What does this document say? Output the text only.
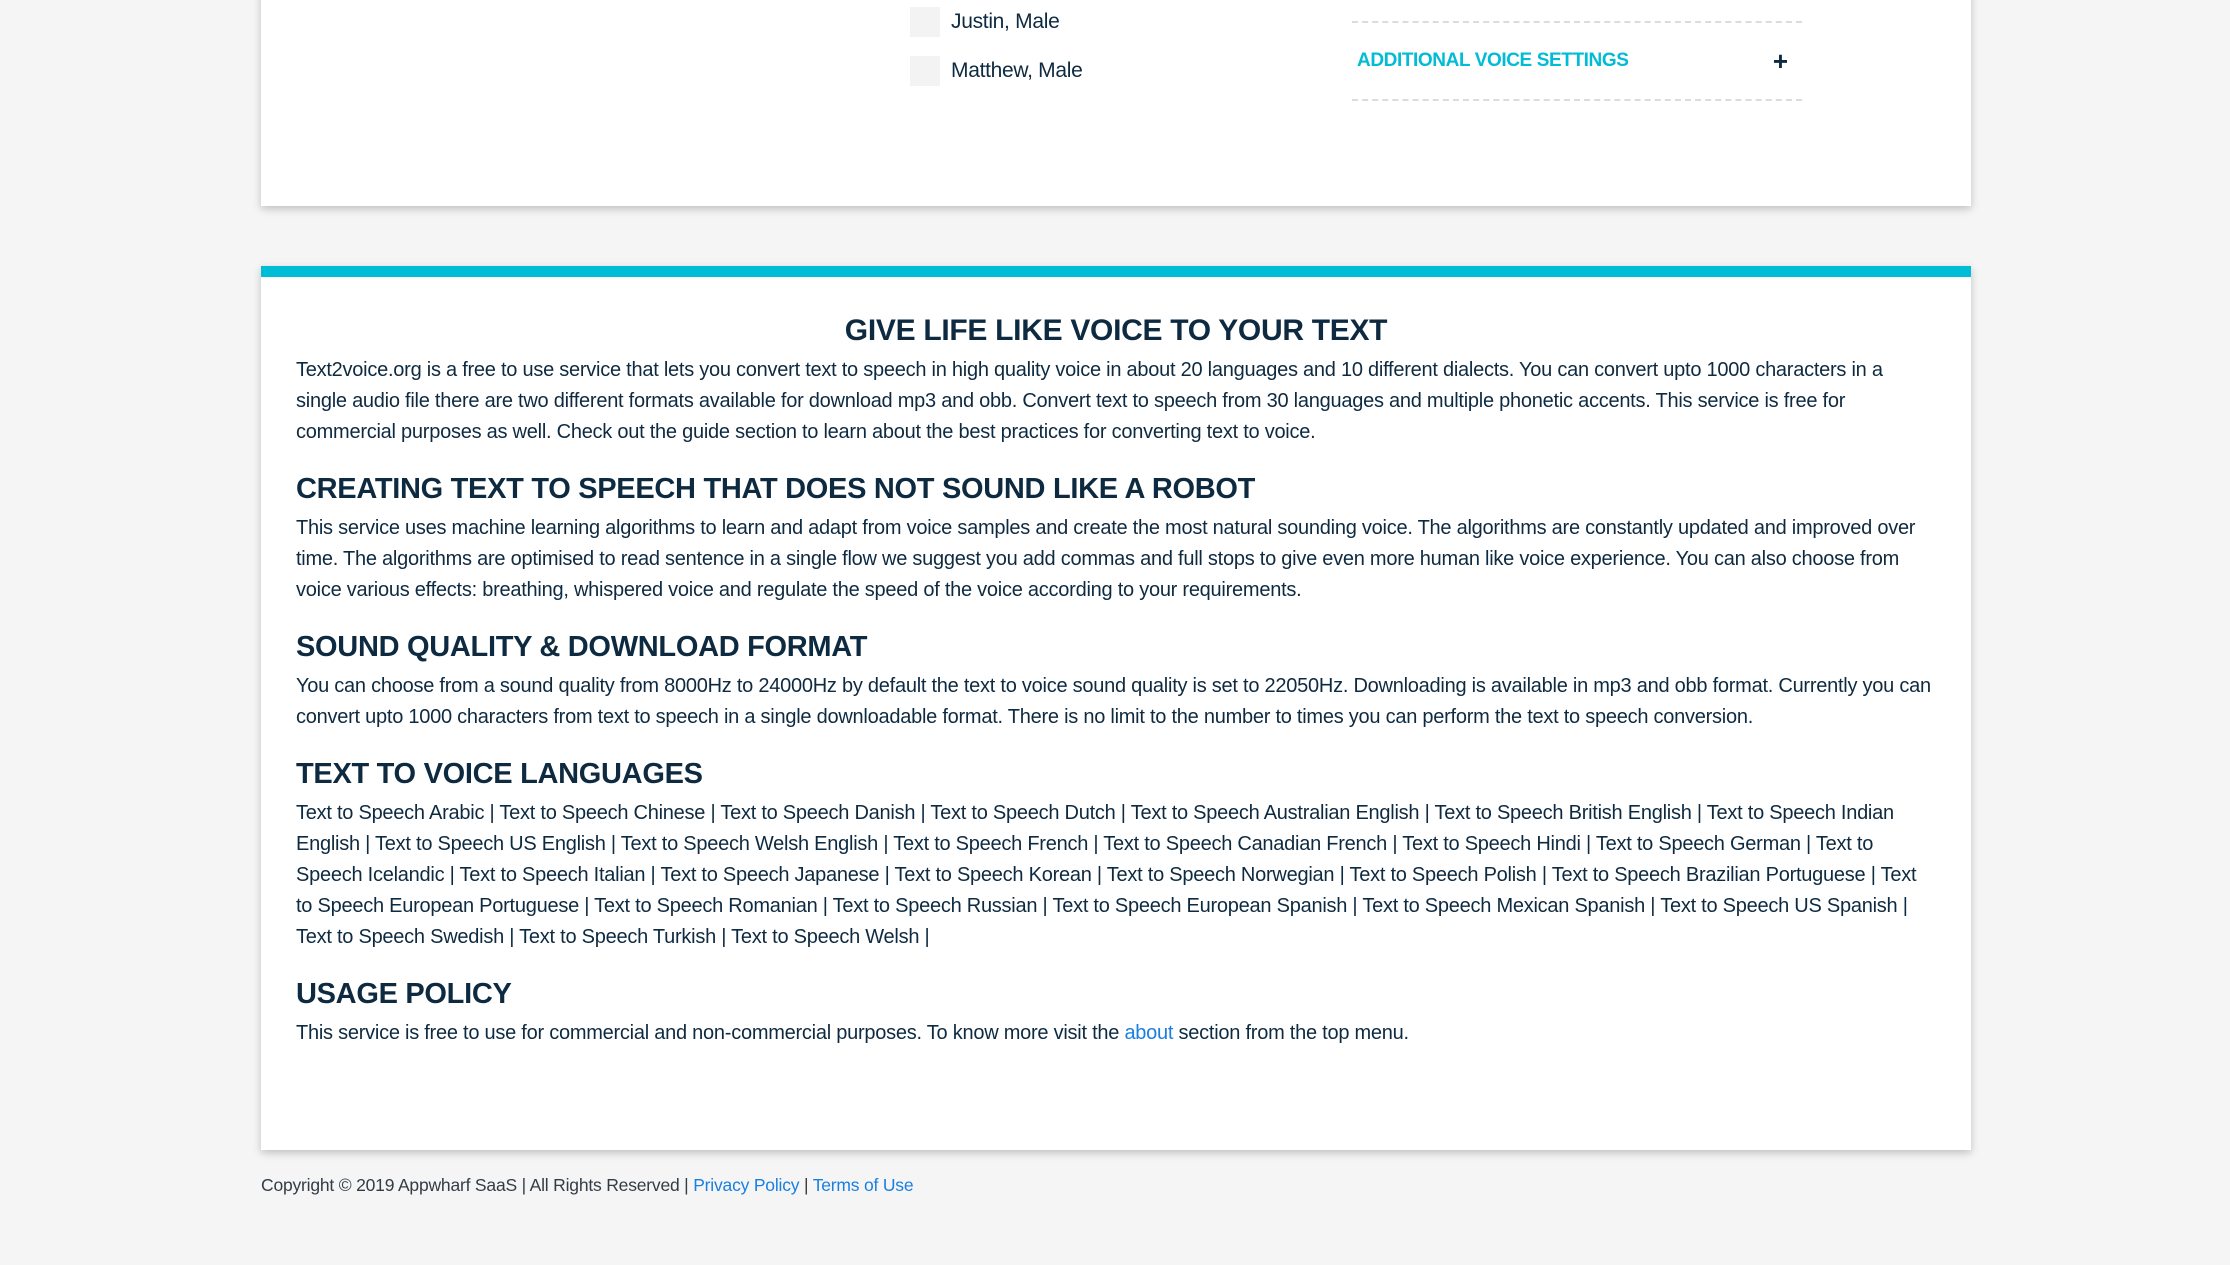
Justin, Male
Matthew, Male	ADDITIONAL VOICE SETTINGS	+
GIVE LIFE LIKE VOICE TO YOUR TEXT

Text2voice.org is a free to use service that lets you convert text to speech in high quality voice in about 20 languages and 10 different dialects. You can convert upto 1000 characters in a single audio file there are two different formats available for download mp3 and obb. Convert text to speech from 30 languages and multiple phonetic accents. This service is free for commercial purposes as well. Check out the guide section to learn about the best practices for converting text to voice.

CREATING TEXT TO SPEECH THAT DOES NOT SOUND LIKE A ROBOT

This service uses machine learning algorithms to learn and adapt from voice samples and create the most natural sounding voice. The algorithms are constantly updated and improved over time. The algorithms are optimised to read sentence in a single flow we suggest you add commas and full stops to give even more human like voice experience. You can also choose from voice various effects: breathing, whispered voice and regulate the speed of the voice according to your requirements.

SOUND QUALITY & DOWNLOAD FORMAT

You can choose from a sound quality from 8000Hz to 24000Hz by default the text to voice sound quality is set to 22050Hz. Downloading is available in mp3 and obb format. Currently you can convert upto 1000 characters from text to speech in a single downloadable format. There is no limit to the number to times you can perform the text to speech conversion.

TEXT TO VOICE LANGUAGES

Text to Speech Arabic | Text to Speech Chinese | Text to Speech Danish | Text to Speech Dutch | Text to Speech Australian English | Text to Speech British English | Text to Speech Indian English | Text to Speech US English | Text to Speech Welsh English | Text to Speech French | Text to Speech Canadian French | Text to Speech Hindi | Text to Speech German | Text to Speech Icelandic | Text to Speech Italian | Text to Speech Japanese | Text to Speech Korean | Text to Speech Norwegian | Text to Speech Polish | Text to Speech Brazilian Portuguese | Text to Speech European Portuguese | Text to Speech Romanian | Text to Speech Russian | Text to Speech European Spanish | Text to Speech Mexican Spanish | Text to Speech US Spanish | Text to Speech Swedish | Text to Speech Turkish | Text to Speech Welsh |

USAGE POLICY

This service is free to use for commercial and non-commercial purposes. To know more visit the about section from the top menu.

Copyright © 2019 Appwharf SaaS | All Rights Reserved | Privacy Policy | Terms of Use
